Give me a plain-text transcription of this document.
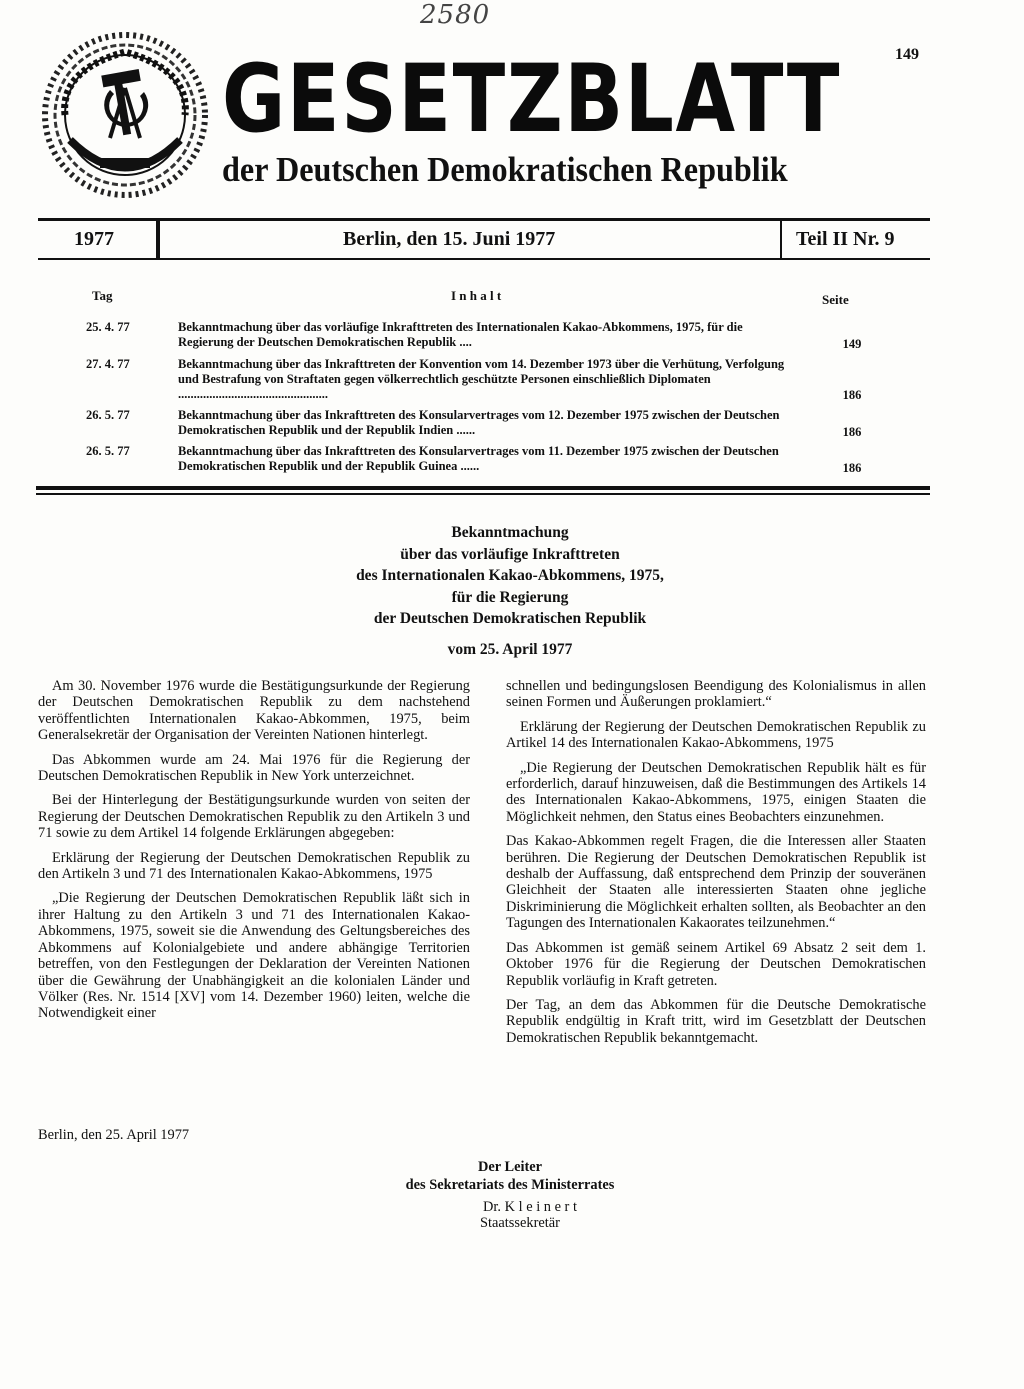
2580
149
GESETZBLATT
der Deutschen Demokratischen Republik
1977	Berlin, den 15. Juni 1977	Teil II Nr. 9
Tag	I n h a l t	Seite
25. 4. 77	Bekanntmachung über das vorläufige Inkrafttreten des Internationalen Kakao-Abkommens, 1975, für die Regierung der Deutschen Demokratischen Republik ....	149
27. 4. 77	Bekanntmachung über das Inkrafttreten der Konvention vom 14. Dezember 1973 über die Verhütung, Verfolgung und Bestrafung von Straftaten gegen völkerrechtlich geschützte Personen einschließlich Diplomaten ................................................	186
26. 5. 77	Bekanntmachung über das Inkrafttreten des Konsularvertrages vom 12. Dezember 1975 zwischen der Deutschen Demokratischen Republik und der Republik Indien ......	186
26. 5. 77	Bekanntmachung über das Inkrafttreten des Konsularvertrages vom 11. Dezember 1975 zwischen der Deutschen Demokratischen Republik und der Republik Guinea ......	186
Bekanntmachung
über das vorläufige Inkrafttreten
des Internationalen Kakao-Abkommens, 1975,
für die Regierung
der Deutschen Demokratischen Republik
vom 25. April 1977

Am 30. November 1976 wurde die Bestätigungsurkunde der Regierung der Deutschen Demokratischen Republik zu dem nachstehend veröffentlichten Internationalen Kakao-Abkommen, 1975, beim Generalsekretär der Organisation der Vereinten Nationen hinterlegt.

Das Abkommen wurde am 24. Mai 1976 für die Regierung der Deutschen Demokratischen Republik in New York unterzeichnet.

Bei der Hinterlegung der Bestätigungsurkunde wurden von seiten der Regierung der Deutschen Demokratischen Republik zu den Artikeln 3 und 71 sowie zu dem Artikel 14 folgende Erklärungen abgegeben:

Erklärung der Regierung der Deutschen Demokratischen Republik zu den Artikeln 3 und 71 des Internationalen Kakao-Abkommens, 1975

„Die Regierung der Deutschen Demokratischen Republik läßt sich in ihrer Haltung zu den Artikeln 3 und 71 des Internationalen Kakao-Abkommens, 1975, soweit sie die Anwendung des Geltungsbereiches des Abkommens auf Kolonialgebiete und andere abhängige Territorien betreffen, von den Festlegungen der Deklaration der Vereinten Nationen über die Gewährung der Unabhängigkeit an die kolonialen Länder und Völker (Res. Nr. 1514 [XV] vom 14. Dezember 1960) leiten, welche die Notwendigkeit einer

schnellen und bedingungslosen Beendigung des Kolonialismus in allen seinen Formen und Äußerungen proklamiert.“

Erklärung der Regierung der Deutschen Demokratischen Republik zu Artikel 14 des Internationalen Kakao-Abkommens, 1975

„Die Regierung der Deutschen Demokratischen Republik hält es für erforderlich, darauf hinzuweisen, daß die Bestimmungen des Artikels 14 des Internationalen Kakao-Abkommens, 1975, einigen Staaten die Möglichkeit nehmen, den Status eines Beobachters einzunehmen.

Das Kakao-Abkommen regelt Fragen, die die Interessen aller Staaten berühren. Die Regierung der Deutschen Demokratischen Republik ist deshalb der Auffassung, daß entsprechend dem Prinzip der souveränen Gleichheit der Staaten alle interessierten Staaten ohne jegliche Diskriminierung die Möglichkeit erhalten sollten, als Beobachter an den Tagungen des Internationalen Kakaorates teilzunehmen.“

Das Abkommen ist gemäß seinem Artikel 69 Absatz 2 seit dem 1. Oktober 1976 für die Regierung der Deutschen Demokratischen Republik vorläufig in Kraft getreten.

Der Tag, an dem das Abkommen für die Deutsche Demokratische Republik endgültig in Kraft tritt, wird im Gesetzblatt der Deutschen Demokratischen Republik bekanntgemacht.

Berlin, den 25. April 1977
Der Leiter
des Sekretariats des Ministerrates
Dr. K l e i n e r t
Staatssekretär
